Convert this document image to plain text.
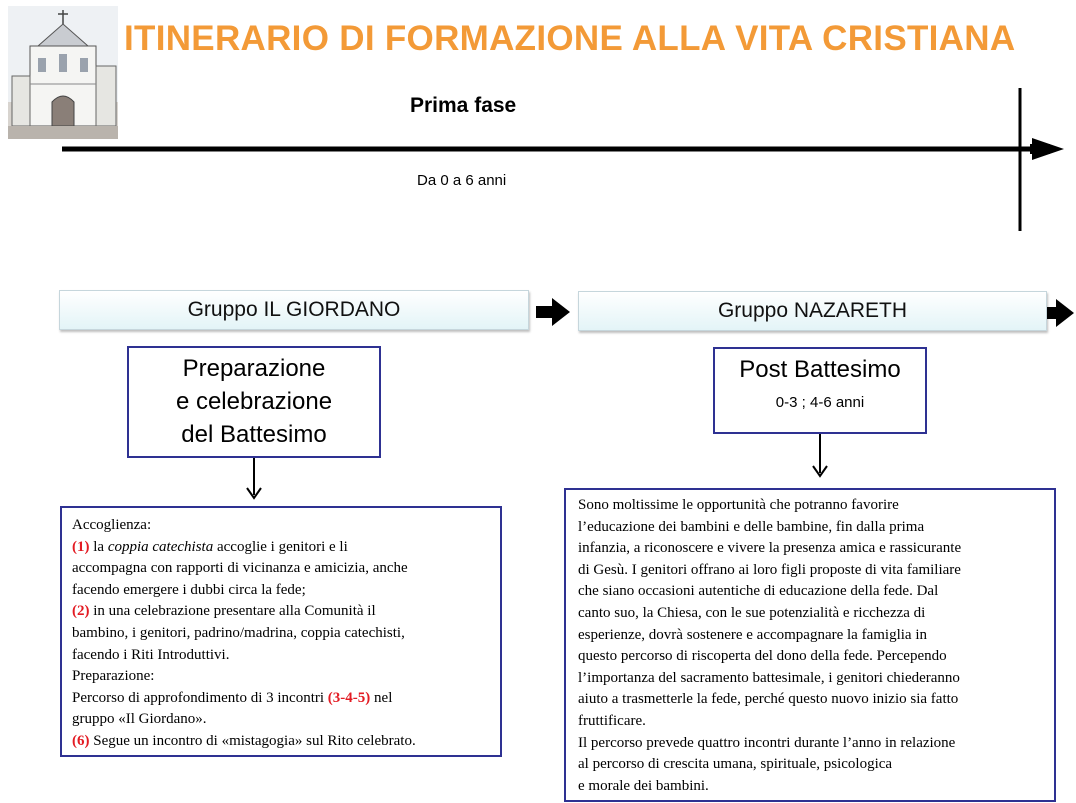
ITINERARIO DI FORMAZIONE ALLA VITA CRISTIANA
Prima fase
Da 0 a 6 anni
Gruppo IL GIORDANO	Gruppo NAZARETH
Preparazione
e celebrazione
del Battesimo
Post Battesimo
0-3 ; 4-6 anni
Accoglienza:
(1) la coppia catechista accoglie i genitori e li
accompagna con rapporti di vicinanza e amicizia, anche
facendo emergere i dubbi circa la fede;
(2) in una celebrazione presentare alla Comunità il
bambino, i genitori, padrino/madrina, coppia catechisti,
facendo i Riti Introduttivi.
Preparazione:
Percorso di approfondimento di 3 incontri (3-4-5) nel
gruppo «Il Giordano».
(6) Segue un incontro di «mistagogia» sul Rito celebrato.
Sono moltissime le opportunità che potranno favorire
l’educazione dei bambini e delle bambine, fin dalla prima
infanzia, a riconoscere e vivere la presenza amica e rassicurante
di Gesù. I genitori offrano ai loro figli proposte di vita familiare
che siano occasioni autentiche di educazione della fede. Dal
canto suo, la Chiesa, con le sue potenzialità e ricchezza di
esperienze, dovrà sostenere e accompagnare la famiglia in
questo percorso di riscoperta del dono della fede. Percependo
l’importanza del sacramento battesimale, i genitori chiederanno
aiuto a trasmetterle la fede, perché questo nuovo inizio sia fatto
fruttificare.
Il percorso prevede quattro incontri durante l’anno in relazione
al percorso di crescita umana, spirituale, psicologica
e morale dei bambini.
